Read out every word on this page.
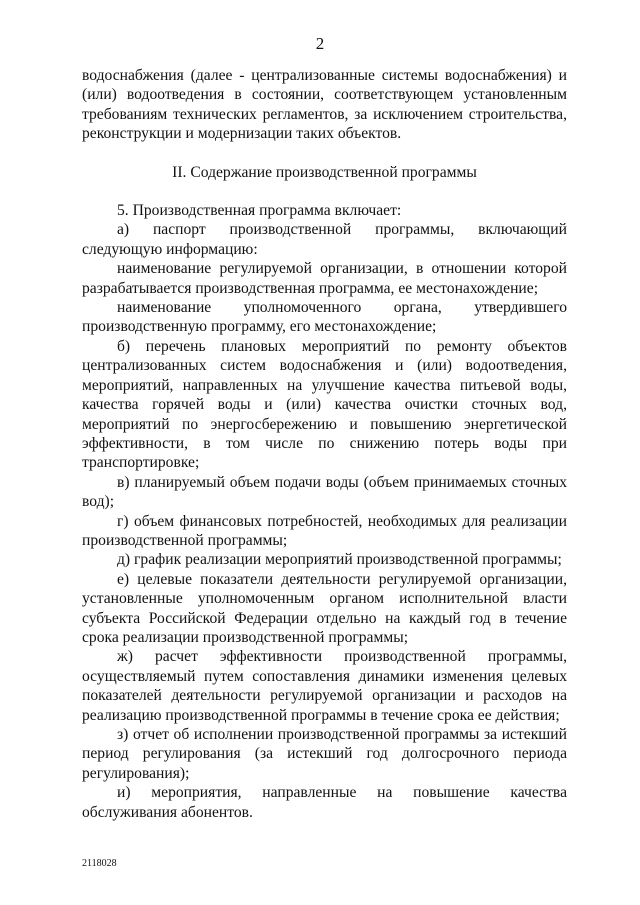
2

водоснабжения (далее - централизованные системы водоснабжения) и (или) водоотведения в состоянии, соответствующем установленным требованиям технических регламентов, за исключением строительства, реконструкции и модернизации таких объектов.

II. Содержание производственной программы

5. Производственная программа включает:

а) паспорт производственной программы, включающий следующую информацию:

наименование регулируемой организации, в отношении которой разрабатывается производственная программа, ее местонахождение;

наименование уполномоченного органа, утвердившего производственную программу, его местонахождение;

б) перечень плановых мероприятий по ремонту объектов централизованных систем водоснабжения и (или) водоотведения, мероприятий, направленных на улучшение качества питьевой воды, качества горячей воды и (или) качества очистки сточных вод, мероприятий по энергосбережению и повышению энергетической эффективности, в том числе по снижению потерь воды при транспортировке;

в) планируемый объем подачи воды (объем принимаемых сточных вод);

г) объем финансовых потребностей, необходимых для реализации производственной программы;

д) график реализации мероприятий производственной программы;

е) целевые показатели деятельности регулируемой организации, установленные уполномоченным органом исполнительной власти субъекта Российской Федерации отдельно на каждый год в течение срока реализации производственной программы;

ж) расчет эффективности производственной программы, осуществляемый путем сопоставления динамики изменения целевых показателей деятельности регулируемой организации и расходов на реализацию производственной программы в течение срока ее действия;

з) отчет об исполнении производственной программы за истекший период регулирования (за истекший год долгосрочного периода регулирования);

и) мероприятия, направленные на повышение качества обслуживания абонентов.

2118028
